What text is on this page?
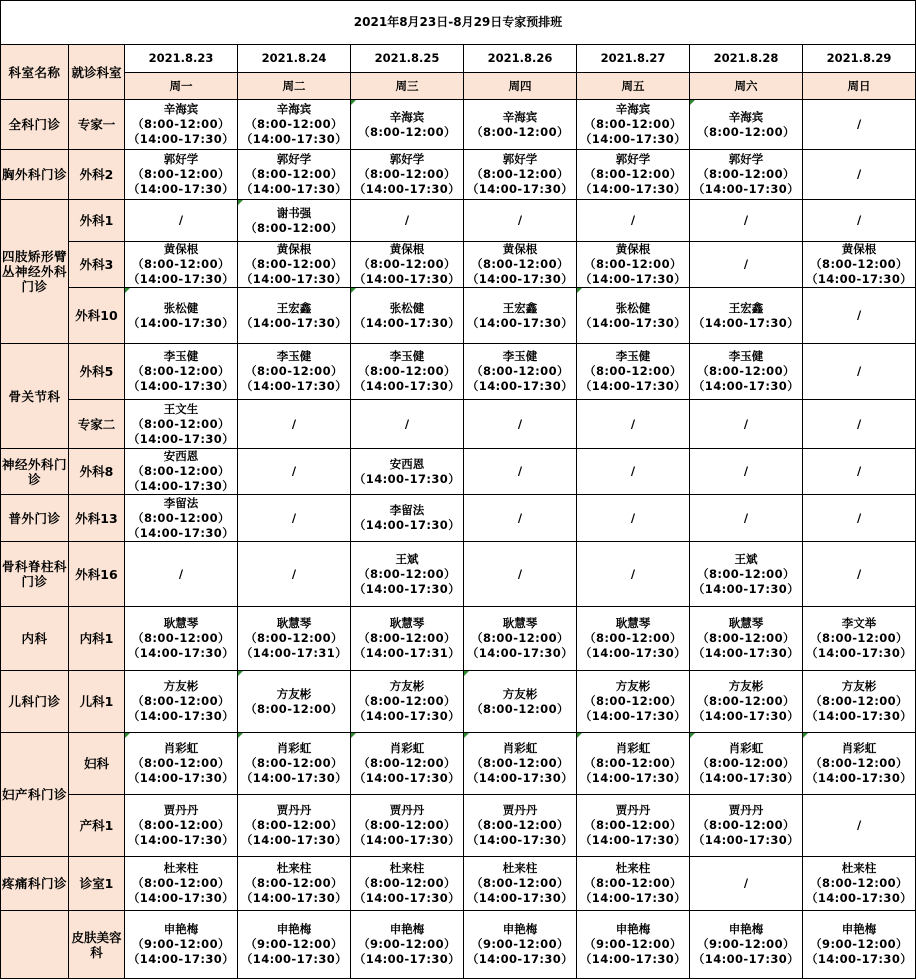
2021年8月23日-8月29日专家预排班								
科室名称	就诊科室	2021.8.23	2021.8.24	2021.8.25	2021.8.26	2021.8.27	2021.8.28	2021.8.29
		周一	周二	周三	周四	周五	周六	周日
全科门诊	专家一	辛海宾
（8:00-12:00）
（14:00-17:30）	辛海宾
（8:00-12:00）
（14:00-17:30）	辛海宾
（8:00-12:00）	辛海宾
（8:00-12:00）	辛海宾
（8:00-12:00）
（14:00-17:30）	辛海宾
（8:00-12:00）	/

胸外科门诊	外科2	郭好学
（8:00-12:00）
（14:00-17:30）	郭好学
（8:00-12:00）
（14:00-17:30）	郭好学
（8:00-12:00）
（14:00-17:30）	郭好学
（8:00-12:00）
（14:00-17:30）	郭好学
（8:00-12:00）
（14:00-17:30）	郭好学
（8:00-12:00）
（14:00-17:30）	/

四肢矫形臂丛神经外科门诊	外科1	/	谢书强
（8:00-12:00）	/	/	/	/	/

	外科3	黄保根
（8:00-12:00）
（14:00-17:30）	黄保根
（8:00-12:00）
（14:00-17:30）	黄保根
（8:00-12:00）
（14:00-17:30）	黄保根
（8:00-12:00）
（14:00-17:30）	黄保根
（8:00-12:00）
（14:00-17:30）	/	黄保根
（8:00-12:00）
（14:00-17:30）

	外科10	张松健
（14:00-17:30）	王宏鑫
（14:00-17:30）	张松健
（14:00-17:30）	王宏鑫
（14:00-17:30）	张松健
（14:00-17:30）	王宏鑫
（14:00-17:30）	/

骨关节科	外科5	李玉健
（8:00-12:00）
（14:00-17:30）	李玉健
（8:00-12:00）
（14:00-17:30）	李玉健
（8:00-12:00）
（14:00-17:30）	李玉健
（8:00-12:00）
（14:00-17:30）	李玉健
（8:00-12:00）
（14:00-17:30）	李玉健
（8:00-12:00）
（14:00-17:30）	/

	专家二	王文生
（8:00-12:00）
（14:00-17:30）	/	/	/	/	/	/

神经外科门诊	外科8	安西恩
（8:00-12:00）
（14:00-17:30）	/	安西恩
（14:00-17:30）	/	/	/	/

普外门诊	外科13	李留法
（8:00-12:00）
（14:00-17:30）	/	李留法
（14:00-17:30）	/	/	/	/

骨科脊柱科门诊	外科16	/	/	王斌
（8:00-12:00）
（14:00-17:30）	/	/	王斌
（8:00-12:00）
（14:00-17:30）	/

内科	内科1	耿慧琴
（8:00-12:00）
（14:00-17:30）	耿慧琴
（8:00-12:00）
（14:00-17:31）	耿慧琴
（8:00-12:00）
（14:00-17:31）	耿慧琴
（8:00-12:00）
（14:00-17:30）	耿慧琴
（8:00-12:00）
（14:00-17:30）	耿慧琴
（8:00-12:00）
（14:00-17:30）	李文举
（8:00-12:00）
（14:00-17:30）

儿科门诊	儿科1	方友彬
（8:00-12:00）
（14:00-17:30）	方友彬
（8:00-12:00）	方友彬
（8:00-12:00）
（14:00-17:30）	方友彬
（8:00-12:00）	方友彬
（8:00-12:00）
（14:00-17:30）	方友彬
（8:00-12:00）
（14:00-17:30）	方友彬
（8:00-12:00）
（14:00-17:30）

妇产科门诊	妇科	肖彩虹
（8:00-12:00）
（14:00-17:30）	肖彩虹
（8:00-12:00）
（14:00-17:30）	肖彩虹
（8:00-12:00）
（14:00-17:30）	肖彩虹
（8:00-12:00）
（14:00-17:30）	肖彩虹
（8:00-12:00）
（14:00-17:30）	肖彩虹
（8:00-12:00）
（14:00-17:30）	肖彩虹
（8:00-12:00）
（14:00-17:30）

	产科1	贾丹丹
（8:00-12:00）
（14:00-17:30）	贾丹丹
（8:00-12:00）
（14:00-17:30）	贾丹丹
（8:00-12:00）
（14:00-17:30）	贾丹丹
（8:00-12:00）
（14:00-17:30）	贾丹丹
（8:00-12:00）
（14:00-17:30）	贾丹丹
（8:00-12:00）
（14:00-17:30）	/

疼痛科门诊	诊室1	杜来柱
（8:00-12:00）
（14:00-17:30）	杜来柱
（8:00-12:00）
（14:00-17:30）	杜来柱
（8:00-12:00）
（14:00-17:30）	杜来柱
（8:00-12:00）
（14:00-17:30）	杜来柱
（8:00-12:00）
（14:00-17:30）	/	杜来柱
（8:00-12:00）
（14:00-17:30）

	皮肤美容科	申艳梅
（9:00-12:00）
（14:00-17:30）	申艳梅
（9:00-12:00）
（14:00-17:30）	申艳梅
（9:00-12:00）
（14:00-17:30）	申艳梅
（9:00-12:00）
（14:00-17:30）	申艳梅
（9:00-12:00）
（14:00-17:30）	申艳梅
（9:00-12:00）
（14:00-17:30）	申艳梅
（9:00-12:00）
（14:00-17:30）
